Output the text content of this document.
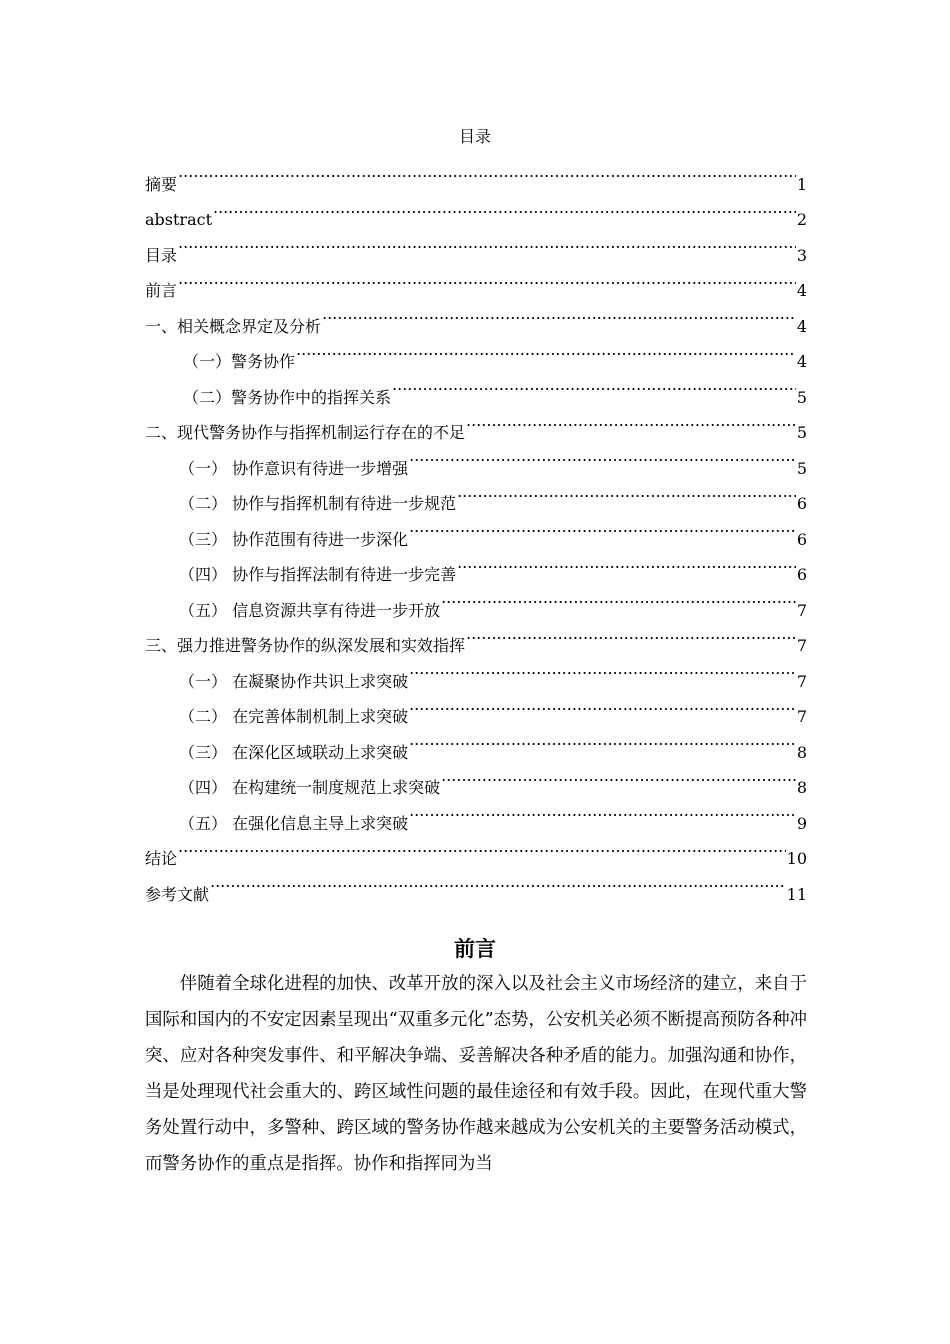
目录
摘要 .....	1
abstract .....	2
目录 .....	3
前言 .....	4
一、相关概念界定及分析 .....	4
（一）警务协作 .....	4
（二）警务协作中的指挥关系 .....	5
二、现代警务协作与指挥机制运行存在的不足 .....	5
（一） 协作意识有待进一步增强 .....	5
（二） 协作与指挥机制有待进一步规范 .....	6
（三） 协作范围有待进一步深化 .....	6
（四） 协作与指挥法制有待进一步完善 .....	6
（五） 信息资源共享有待进一步开放 .....	7
三、强力推进警务协作的纵深发展和实效指挥 .....	7
（一） 在凝聚协作共识上求突破 .....	7
（二） 在完善体制机制上求突破 .....	7
（三） 在深化区域联动上求突破 .....	8
（四） 在构建统一制度规范上求突破 .....	8
（五） 在强化信息主导上求突破 .....	9
结论 .....	10
参考文献 .....	11
前言

伴随着全球化进程的加快、改革开放的深入以及社会主义市场经济的建立，来自于国际和国内的不安定因素呈现出“双重多元化”态势，公安机关必须不断提高预防各种冲突、应对各种突发事件、和平解决争端、妥善解决各种矛盾的能力。加强沟通和协作，当是处理现代社会重大的、跨区域性问题的最佳途径和有效手段。因此，在现代重大警务处置行动中，多警种、跨区域的警务协作越来越成为公安机关的主要警务活动模式，而警务协作的重点是指挥。协作和指挥同为当
